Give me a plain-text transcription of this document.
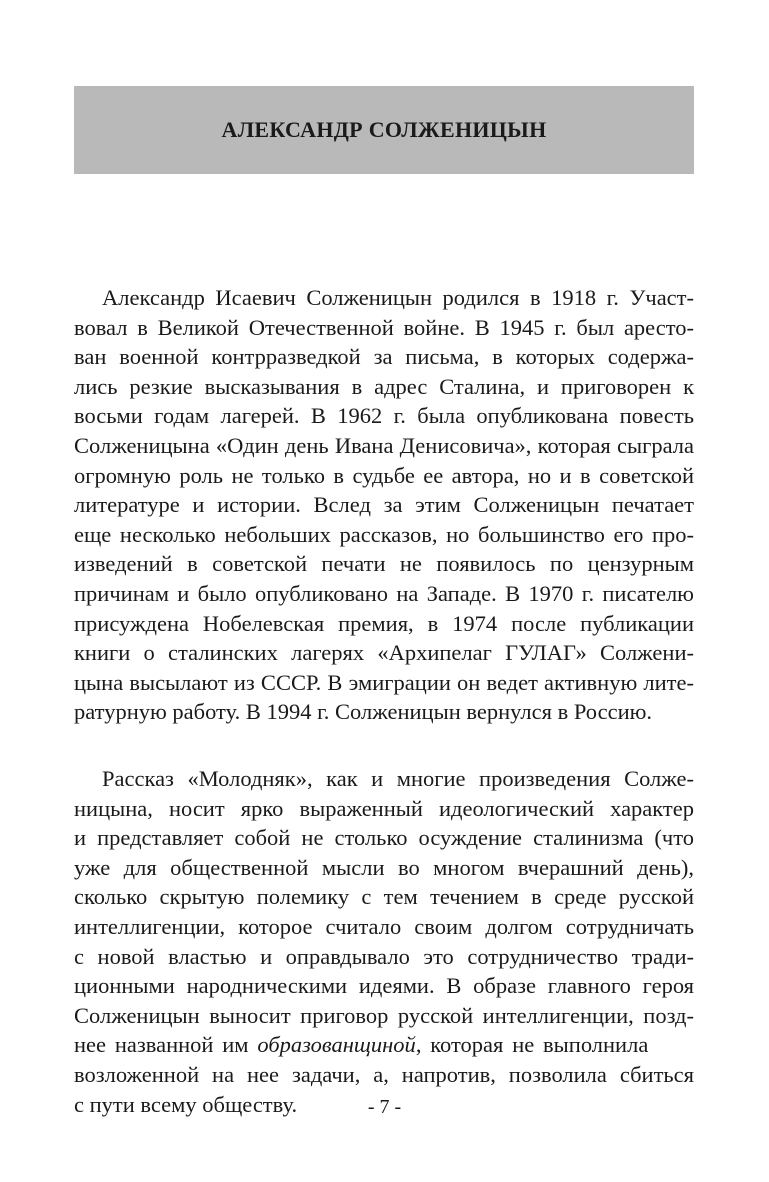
АЛЕКСАНДР СОЛЖЕНИЦЫН
Александр Исаевич Солженицын родился в 1918 г. Участ-
вовал в Великой Отечественной войне. В 1945 г. был аресто-
ван военной контрразведкой за письма, в которых содержа-
лись резкие высказывания в адрес Сталина, и приговорен к
восьми годам лагерей. В 1962 г. была опубликована повесть
Солженицына «Один день Ивана Денисовича», которая сыграла
огромную роль не только в судьбе ее автора, но и в советской
литературе и истории. Вслед за этим Солженицын печатает
еще несколько небольших рассказов, но большинство его про-
изведений в советской печати не появилось по цензурным
причинам и было опубликовано на Западе. В 1970 г. писателю
присуждена Нобелевская премия, в 1974 после публикации
книги о сталинских лагерях «Архипелаг ГУЛАГ» Солжени-
цына высылают из СССР. В эмиграции он ведет активную лите-
ратурную работу. В 1994 г. Солженицын вернулся в Россию.
Рассказ «Молодняк», как и многие произведения Солже-
ницына, носит ярко выраженный идеологический характер
и представляет собой не столько осуждение сталинизма (что
уже для общественной мысли во многом вчерашний день),
сколько скрытую полемику с тем течением в среде русской
интеллигенции, которое считало своим долгом сотрудничать
с новой властью и оправдывало это сотрудничество тради-
ционными народническими идеями. В образе главного героя
Солженицын выносит приговор русской интеллигенции, позд-
нее названной им образованщиной, которая не выполнила
возложенной на нее задачи, а, напротив, позволила сбиться
с пути всему обществу.	- 7 -
